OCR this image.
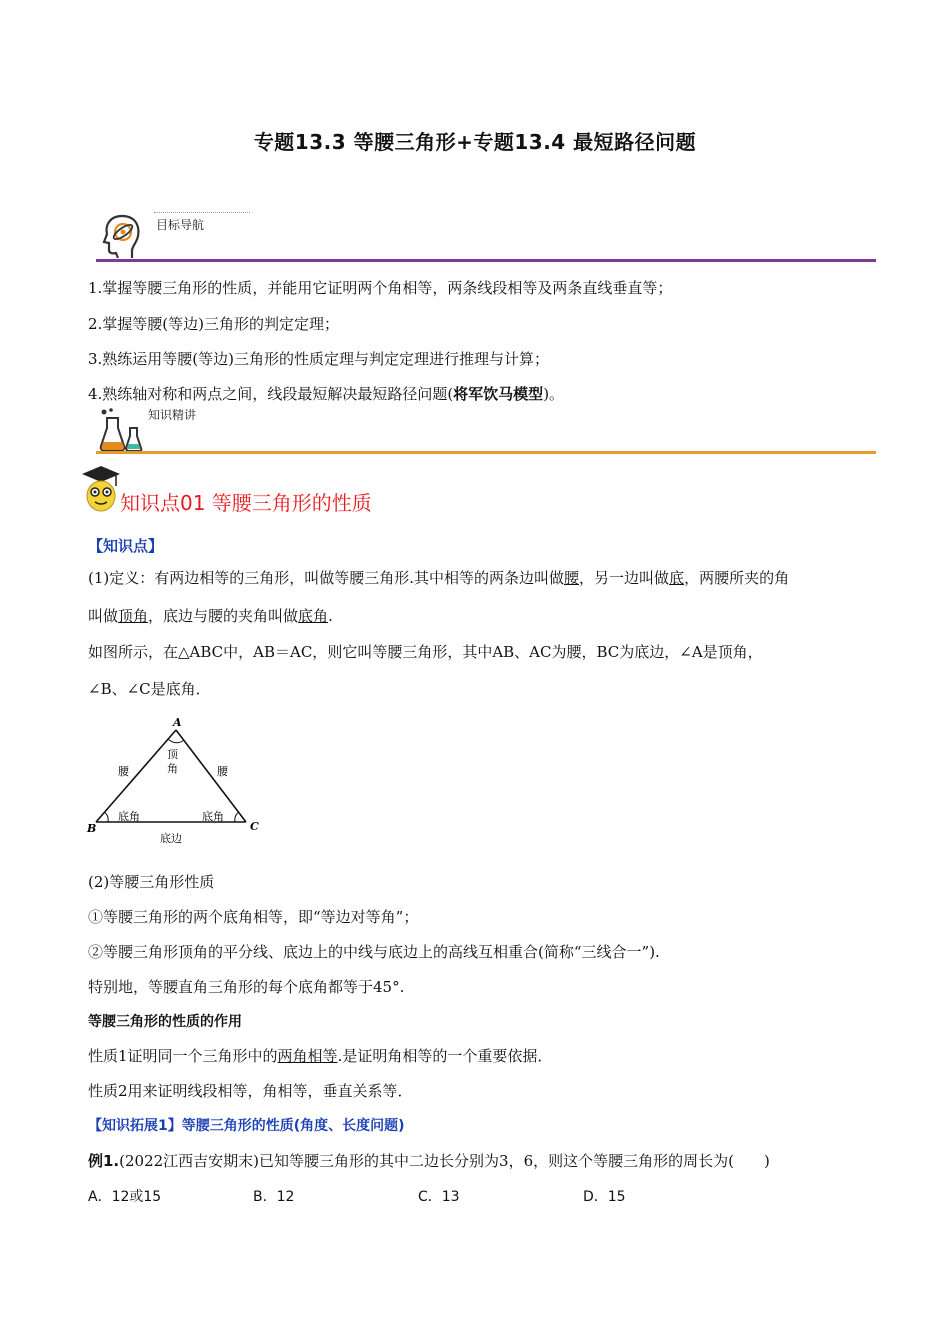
专题13.3 等腰三角形+专题13.4 最短路径问题
目标导航
1.掌握等腰三角形的性质，并能用它证明两个角相等，两条线段相等及两条直线垂直等；
2.掌握等腰(等边)三角形的判定定理；
3.熟练运用等腰(等边)三角形的性质定理与判定定理进行推理与计算；
4.熟练轴对称和两点之间，线段最短解决最短路径问题(将军饮马模型)。
知识精讲
知识点01 等腰三角形的性质
【知识点】
(1)定义：有两边相等的三角形，叫做等腰三角形.其中相等的两条边叫做腰，另一边叫做底，两腰所夹的角
叫做顶角，底边与腰的夹角叫做底角.
如图所示，在△ABC中，AB＝AC，则它叫等腰三角形，其中AB、AC为腰，BC为底边，∠A是顶角，
∠B、∠C是底角．
A
B	C
腰	腰
顶
角
底角	底角
底边
(2)等腰三角形性质
①等腰三角形的两个底角相等，即“等边对等角”；
②等腰三角形顶角的平分线、底边上的中线与底边上的高线互相重合(简称“三线合一”).
特别地，等腰直角三角形的每个底角都等于45°.
等腰三角形的性质的作用
性质1证明同一个三角形中的两角相等.是证明角相等的一个重要依据．
性质2用来证明线段相等，角相等，垂直关系等．
【知识拓展1】等腰三角形的性质(角度、长度问题)
例1.(2022江西吉安期末)已知等腰三角形的其中二边长分别为3，6，则这个等腰三角形的周长为(　　)
A．12或15	B．12	C．13	D．15
